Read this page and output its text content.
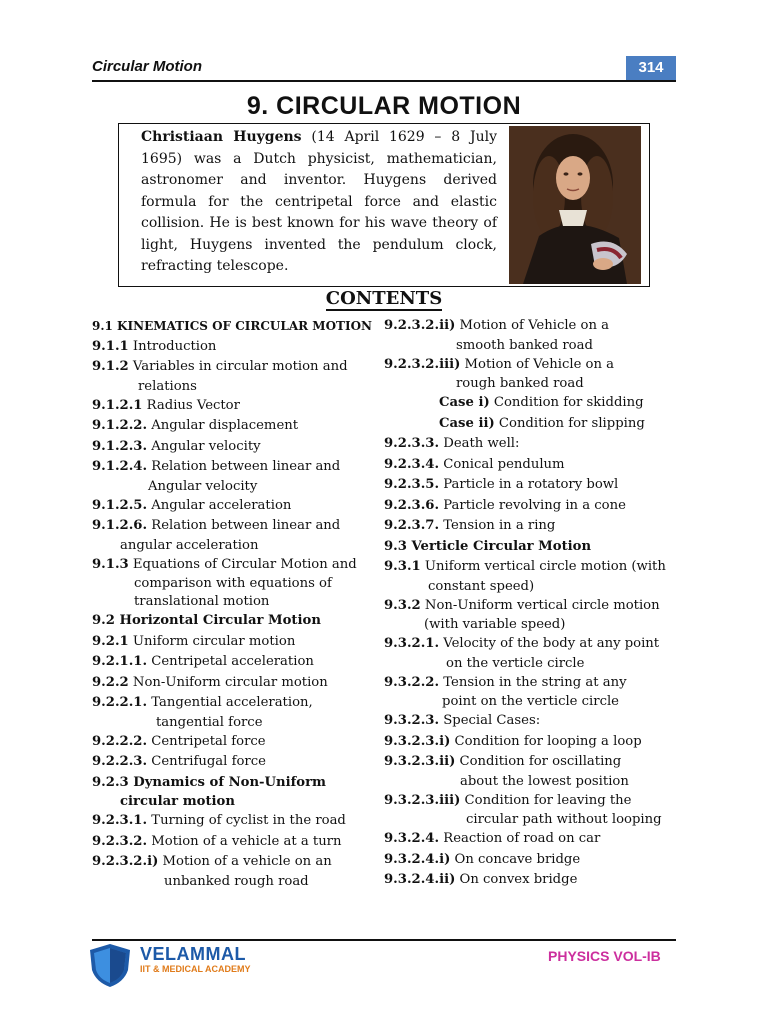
Circular Motion	314
9. CIRCULAR MOTION
Christiaan Huygens (14 April 1629 – 8 July 1695) was a Dutch physicist, mathematician, astronomer and inventor. Huygens derived formula for the centripetal force and elastic collision. He is best known for his wave theory of light, Huygens invented the pendulum clock, refracting telescope.
CONTENTS
9.1 KINEMATICS OF CIRCULAR MOTION
9.1.1 Introduction
9.1.2 Variables in circular motion and
relations
9.1.2.1 Radius Vector
9.1.2.2. Angular displacement
9.1.2.3. Angular velocity
9.1.2.4. Relation between linear and
Angular velocity
9.1.2.5. Angular acceleration
9.1.2.6. Relation between linear and
angular acceleration
9.1.3 Equations of Circular Motion and
comparison with equations of
translational motion
9.2 Horizontal Circular Motion
9.2.1 Uniform circular motion
9.2.1.1. Centripetal acceleration
9.2.2 Non-Uniform circular motion
9.2.2.1. Tangential acceleration,
tangential force
9.2.2.2. Centripetal force
9.2.2.3. Centrifugal force
9.2.3 Dynamics of Non-Uniform
circular motion
9.2.3.1. Turning of cyclist in the road
9.2.3.2. Motion of a vehicle at a turn
9.2.3.2.i) Motion of a vehicle on an
unbanked rough road
9.2.3.2.ii) Motion of Vehicle on a
smooth banked road
9.2.3.2.iii) Motion of Vehicle on a
rough banked road
Case i) Condition for skidding
Case ii) Condition for slipping
9.2.3.3. Death well:
9.2.3.4. Conical pendulum
9.2.3.5. Particle in a rotatory bowl
9.2.3.6. Particle revolving in a cone
9.2.3.7. Tension in a ring
9.3 Verticle Circular Motion
9.3.1 Uniform vertical circle motion (with
constant speed)
9.3.2 Non-Uniform vertical circle motion
(with variable speed)
9.3.2.1. Velocity of the body at any point
on the verticle circle
9.3.2.2. Tension in the string at any
point on the verticle circle
9.3.2.3. Special Cases:
9.3.2.3.i) Condition for looping a loop
9.3.2.3.ii) Condition for oscillating
about the lowest position
9.3.2.3.iii) Condition for leaving the
circular path without looping
9.3.2.4. Reaction of road on car
9.3.2.4.i) On concave bridge
9.3.2.4.ii) On convex bridge
VELAMMAL
IIT & MEDICAL ACADEMY
PHYSICS VOL-IB
